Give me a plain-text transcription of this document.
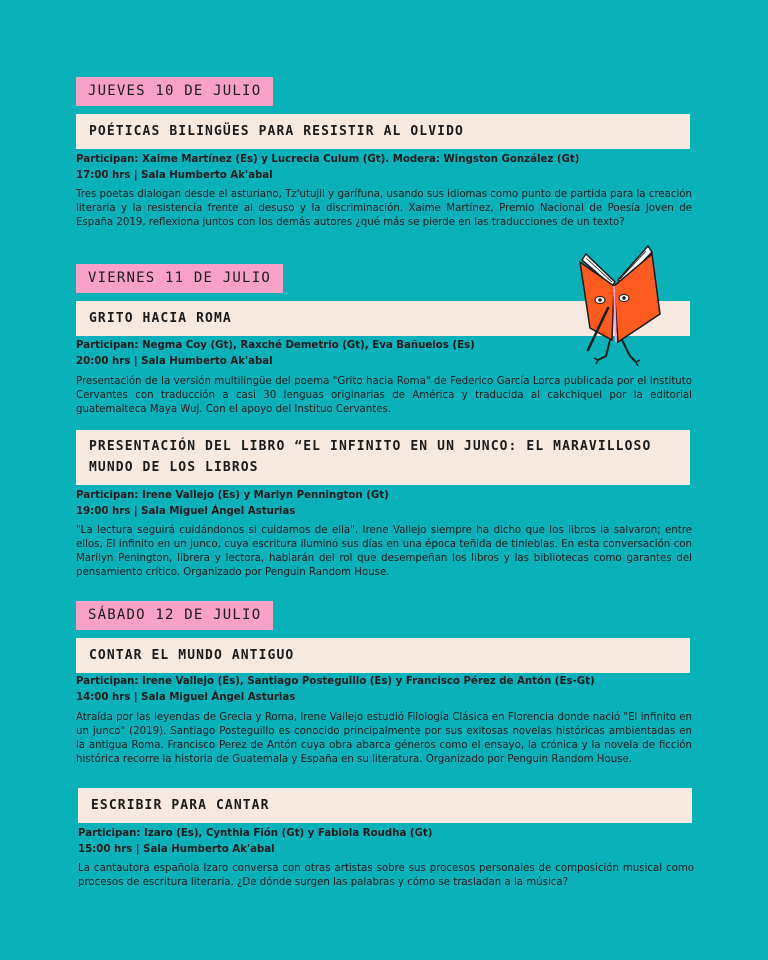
JUEVES 10 DE JULIO
POÉTICAS BILINGÜES PARA RESISTIR AL OLVIDO
Participan: Xaime Martínez (Es) y Lucrecia Culum (Gt). Modera: Wingston González (Gt)
17:00 hrs | Sala Humberto Ak'abal
Tres poetas dialogan desde el asturiano, Tz'utujil y garífuna, usando sus idiomas como punto de partida para la creación literaria y la resistencia frente al desuso y la discriminación. Xaime Martínez, Premio Nacional de Poesía Joven de España 2019, reflexiona juntos con los demás autores ¿qué más se pierde en las traducciones de un texto?
VIERNES 11 DE JULIO
GRITO HACIA ROMA
Participan: Negma Coy (Gt), Raxché Demetrio (Gt), Eva Bañuelos (Es)
20:00 hrs | Sala Humberto Ak'abal
Presentación de la versión multilingüe del poema "Grito hacia Roma" de Federico García Lorca publicada por el Instituto Cervantes con traducción a casi 30 lenguas originarias de América y traducida al cakchiquel por la editorial guatemalteca Maya Wuj. Con el apoyo del Instituo Cervantes.
PRESENTACIÓN DEL LIBRO “EL INFINITO EN UN JUNCO: EL MARAVILLOSO MUNDO DE LOS LIBROS
Participan: Irene Vallejo (Es) y Marlyn Pennington (Gt)
19:00 hrs | Sala Miguel Ángel Asturias
"La lectura seguirá cuidándonos si cuidamos de ella". Irene Vallejo siempre ha dicho que los libros la salvaron; entre ellos, El infinito en un junco, cuya escritura iluminó sus días en una época teñida de tinieblas. En esta conversación con Marilyn Penington, librera y lectora, hablarán del rol que desempeñan los libros y las bibliotecas como garantes del pensamiento crítico. Organizado por Penguin Random House.
SÁBADO 12 DE JULIO
CONTAR EL MUNDO ANTIGUO
Participan: Irene Vallejo (Es), Santiago Posteguillo (Es) y Francisco Pérez de Antón (Es-Gt)
14:00 hrs | Sala Miguel Ángel Asturias
Atraída por las leyendas de Grecia y Roma, Irene Vallejo estudió Filología Clásica en Florencia donde nació "El infinito en un junco" (2019). Santiago Posteguillo es conocido principalmente por sus exitosas novelas históricas ambientadas en la antigua Roma. Francisco Perez de Antón cuya obra abarca géneros como el ensayo, la crónica y la novela de ficción histórica recorre la historia de Guatemala y España en su literatura. Organizado por Penguin Random House.
ESCRIBIR PARA CANTAR
Participan: Izaro (Es), Cynthia Fión (Gt) y Fabiola Roudha (Gt)
15:00 hrs | Sala Humberto Ak'abal
La cantautora española Izaro conversa con otras artistas sobre sus procesos personales de composición musical como procesos de escritura literaria. ¿De dónde surgen las palabras y cómo se trasladan a la música?
